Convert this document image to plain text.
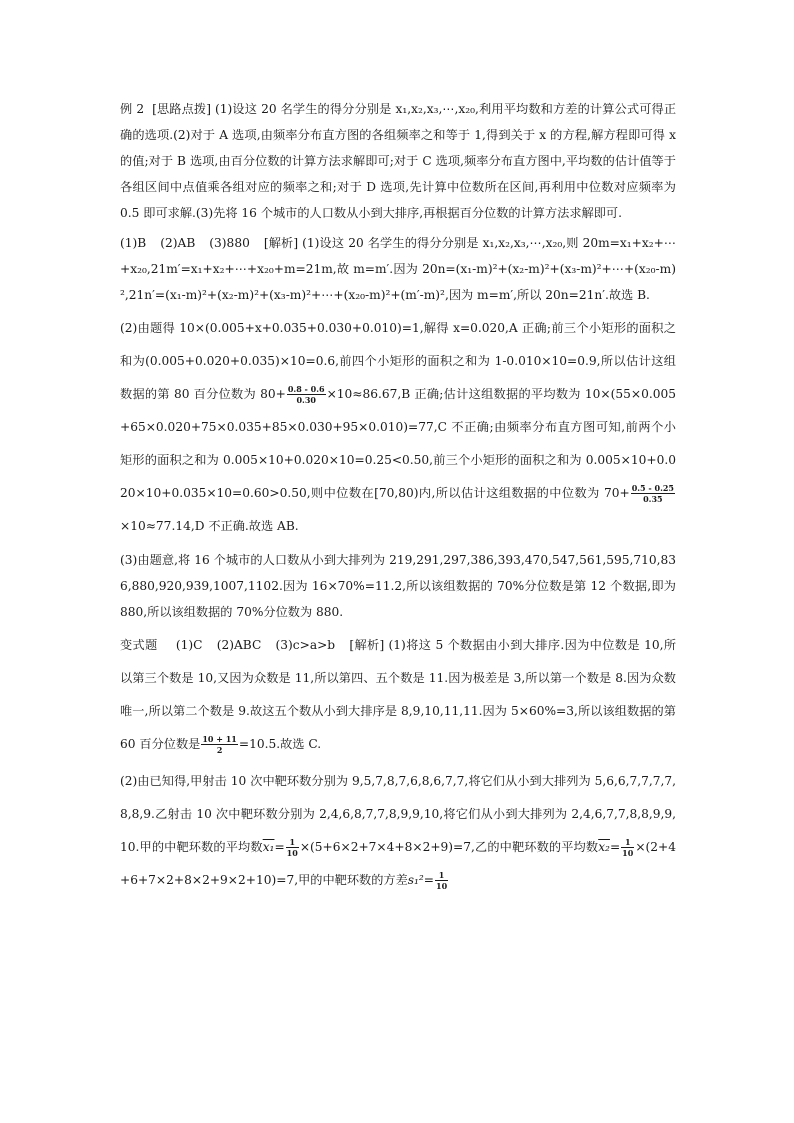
例 2 [思路点拨] (1)设这 20 名学生的得分分别是 x₁,x₂,x₃,⋯,x₂₀,利用平均数和方差的计算公式可得正确的选项.(2)对于 A 选项,由频率分布直方图的各组频率之和等于 1,得到关于 x 的方程,解方程即可得 x 的值;对于 B 选项,由百分位数的计算方法求解即可;对于 C 选项,频率分布直方图中,平均数的估计值等于各组区间中点值乘各组对应的频率之和;对于 D 选项,先计算中位数所在区间,再利用中位数对应频率为 0.5 即可求解.(3)先将 16 个城市的人口数从小到大排序,再根据百分位数的计算方法求解即可.

(1)B (2)AB (3)880 [解析] (1)设这 20 名学生的得分分别是 x₁,x₂,x₃,⋯,x₂₀,则 20m=x₁+x₂+⋯+x₂₀,21m′=x₁+x₂+⋯+x₂₀+m=21m,故 m=m′.因为 20n=(x₁-m)²+(x₂-m)²+(x₃-m)²+⋯+(x₂₀-m)²,21n′=(x₁-m)²+(x₂-m)²+(x₃-m)²+⋯+(x₂₀-m)²+(m′-m)²,因为 m=m′,所以 20n=21n′.故选 B.

(2)由题得 10×(0.005+x+0.035+0.030+0.010)=1,解得 x=0.020,A 正确;前三个小矩形的面积之和为(0.005+0.020+0.035)×10=0.6,前四个小矩形的面积之和为 1-0.010×10=0.9,所以估计这组数据的第 80 百分位数为 $80+ \frac{0.8 - 0.6}{0.30} \times 10\approx 86.67,B$ 正确;估计这组数据的平均数为 10×(55×0.005+65×0.020+75×0.035+85×0.030+95×0.010)=77,C 不正确;由频率分布直方图可知,前两个小矩形的面积之和为 0.005×10+0.020×10=0.25<0.50,前三个小矩形的面积之和为 0.005×10+0.020×10+0.035×10=0.60>0.50,则中位数在[70,80)内,所以估计这组数据的中位数为 $70+ \frac{0.5 - 0.25}{0.35}$
×10≈77.14,D 不正确.故选 AB.

(3)由题意,将 16 个城市的人口数从小到大排列为 219,291,297,386,393,470,547,561,595,710,836,880,920,939,1007,1102.因为 16×70%=11.2,所以该组数据的 70%分位数是第 12 个数据,即为 880,所以该组数据的 70%分位数为 880.

变式题 (1)C (2)ABC (3)c>a>b [解析] (1)将这 5 个数据由小到大排序.因为中位数是 10,所以第三个数是 10,又因为众数是 11,所以第四、五个数是 11.因为极差是 3,所以第一个数是 8.因为众数唯一,所以第二个数是 9.故这五个数从小到大排序是 8,9,10,11,11.因为 5×60%=3,所以该组数据的第 60 百分位数是 $\frac{10 + 11}{2} =10.5$.故选 C.

(2)由已知得,甲射击 10 次中靶环数分别为 9,5,7,8,7,6,8,6,7,7,将它们从小到大排列为 5,6,6,7,7,7,7,8,8,9.乙射击 10 次中靶环数分别为 2,4,6,8,7,7,8,9,9,10,将它们从小到大排列为 2,4,6,7,7,8,8,9,9,10.甲的中靶环数的平均数$x_1= \frac{1}{10} \times(5+6\times 2+7\times 4+8\times 2+9)=7$,乙的中靶环数的平均数$x_2= \frac{1}{10} \times(2+4+6+7\times 2+8\times 2+9\times 2+10)=7$,甲的中靶环数的方差$s_1^2= \frac{1}{10}$
